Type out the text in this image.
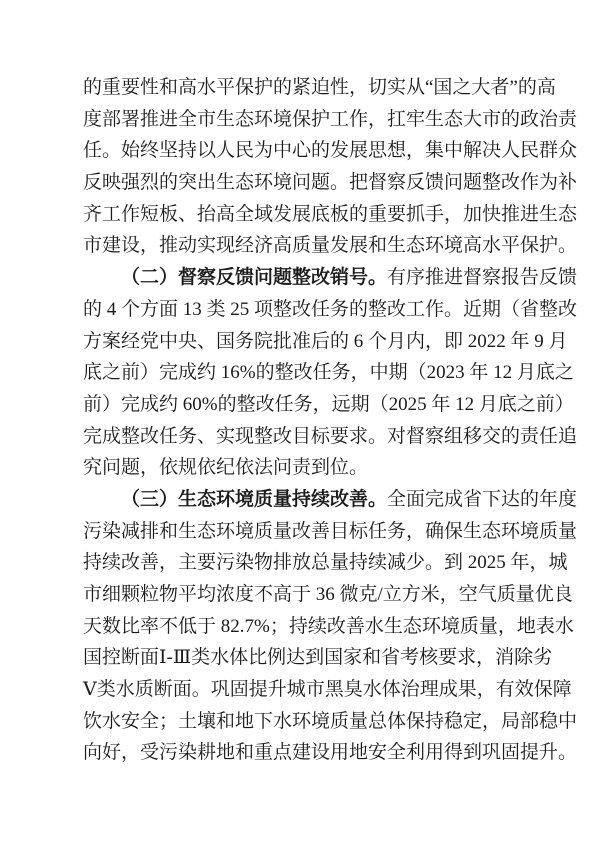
的重要性和高水平保护的紧迫性，切实从“国之大者”的高
度部署推进全市生态环境保护工作，扛牢生态大市的政治责
任。始终坚持以人民为中心的发展思想，集中解决人民群众
反映强烈的突出生态环境问题。把督察反馈问题整改作为补
齐工作短板、抬高全域发展底板的重要抓手，加快推进生态
市建设，推动实现经济高质量发展和生态环境高水平保护。
（二）督察反馈问题整改销号。有序推进督察报告反馈
的 4 个方面 13 类 25 项整改任务的整改工作。近期（省整改
方案经党中央、国务院批准后的 6 个月内，即 2022 年 9 月
底之前）完成约 16%的整改任务，中期（2023 年 12 月底之
前）完成约 60%的整改任务，远期（2025 年 12 月底之前）
完成整改任务、实现整改目标要求。对督察组移交的责任追
究问题，依规依纪依法问责到位。
（三）生态环境质量持续改善。全面完成省下达的年度
污染减排和生态环境质量改善目标任务，确保生态环境质量
持续改善，主要污染物排放总量持续减少。到 2025 年，城
市细颗粒物平均浓度不高于 36 微克/立方米，空气质量优良
天数比率不低于 82.7%；持续改善水生态环境质量，地表水
国控断面Ⅰ-Ⅲ类水体比例达到国家和省考核要求，消除劣
Ⅴ类水质断面。巩固提升城市黑臭水体治理成果，有效保障
饮水安全；土壤和地下水环境质量总体保持稳定，局部稳中
向好，受污染耕地和重点建设用地安全利用得到巩固提升。
